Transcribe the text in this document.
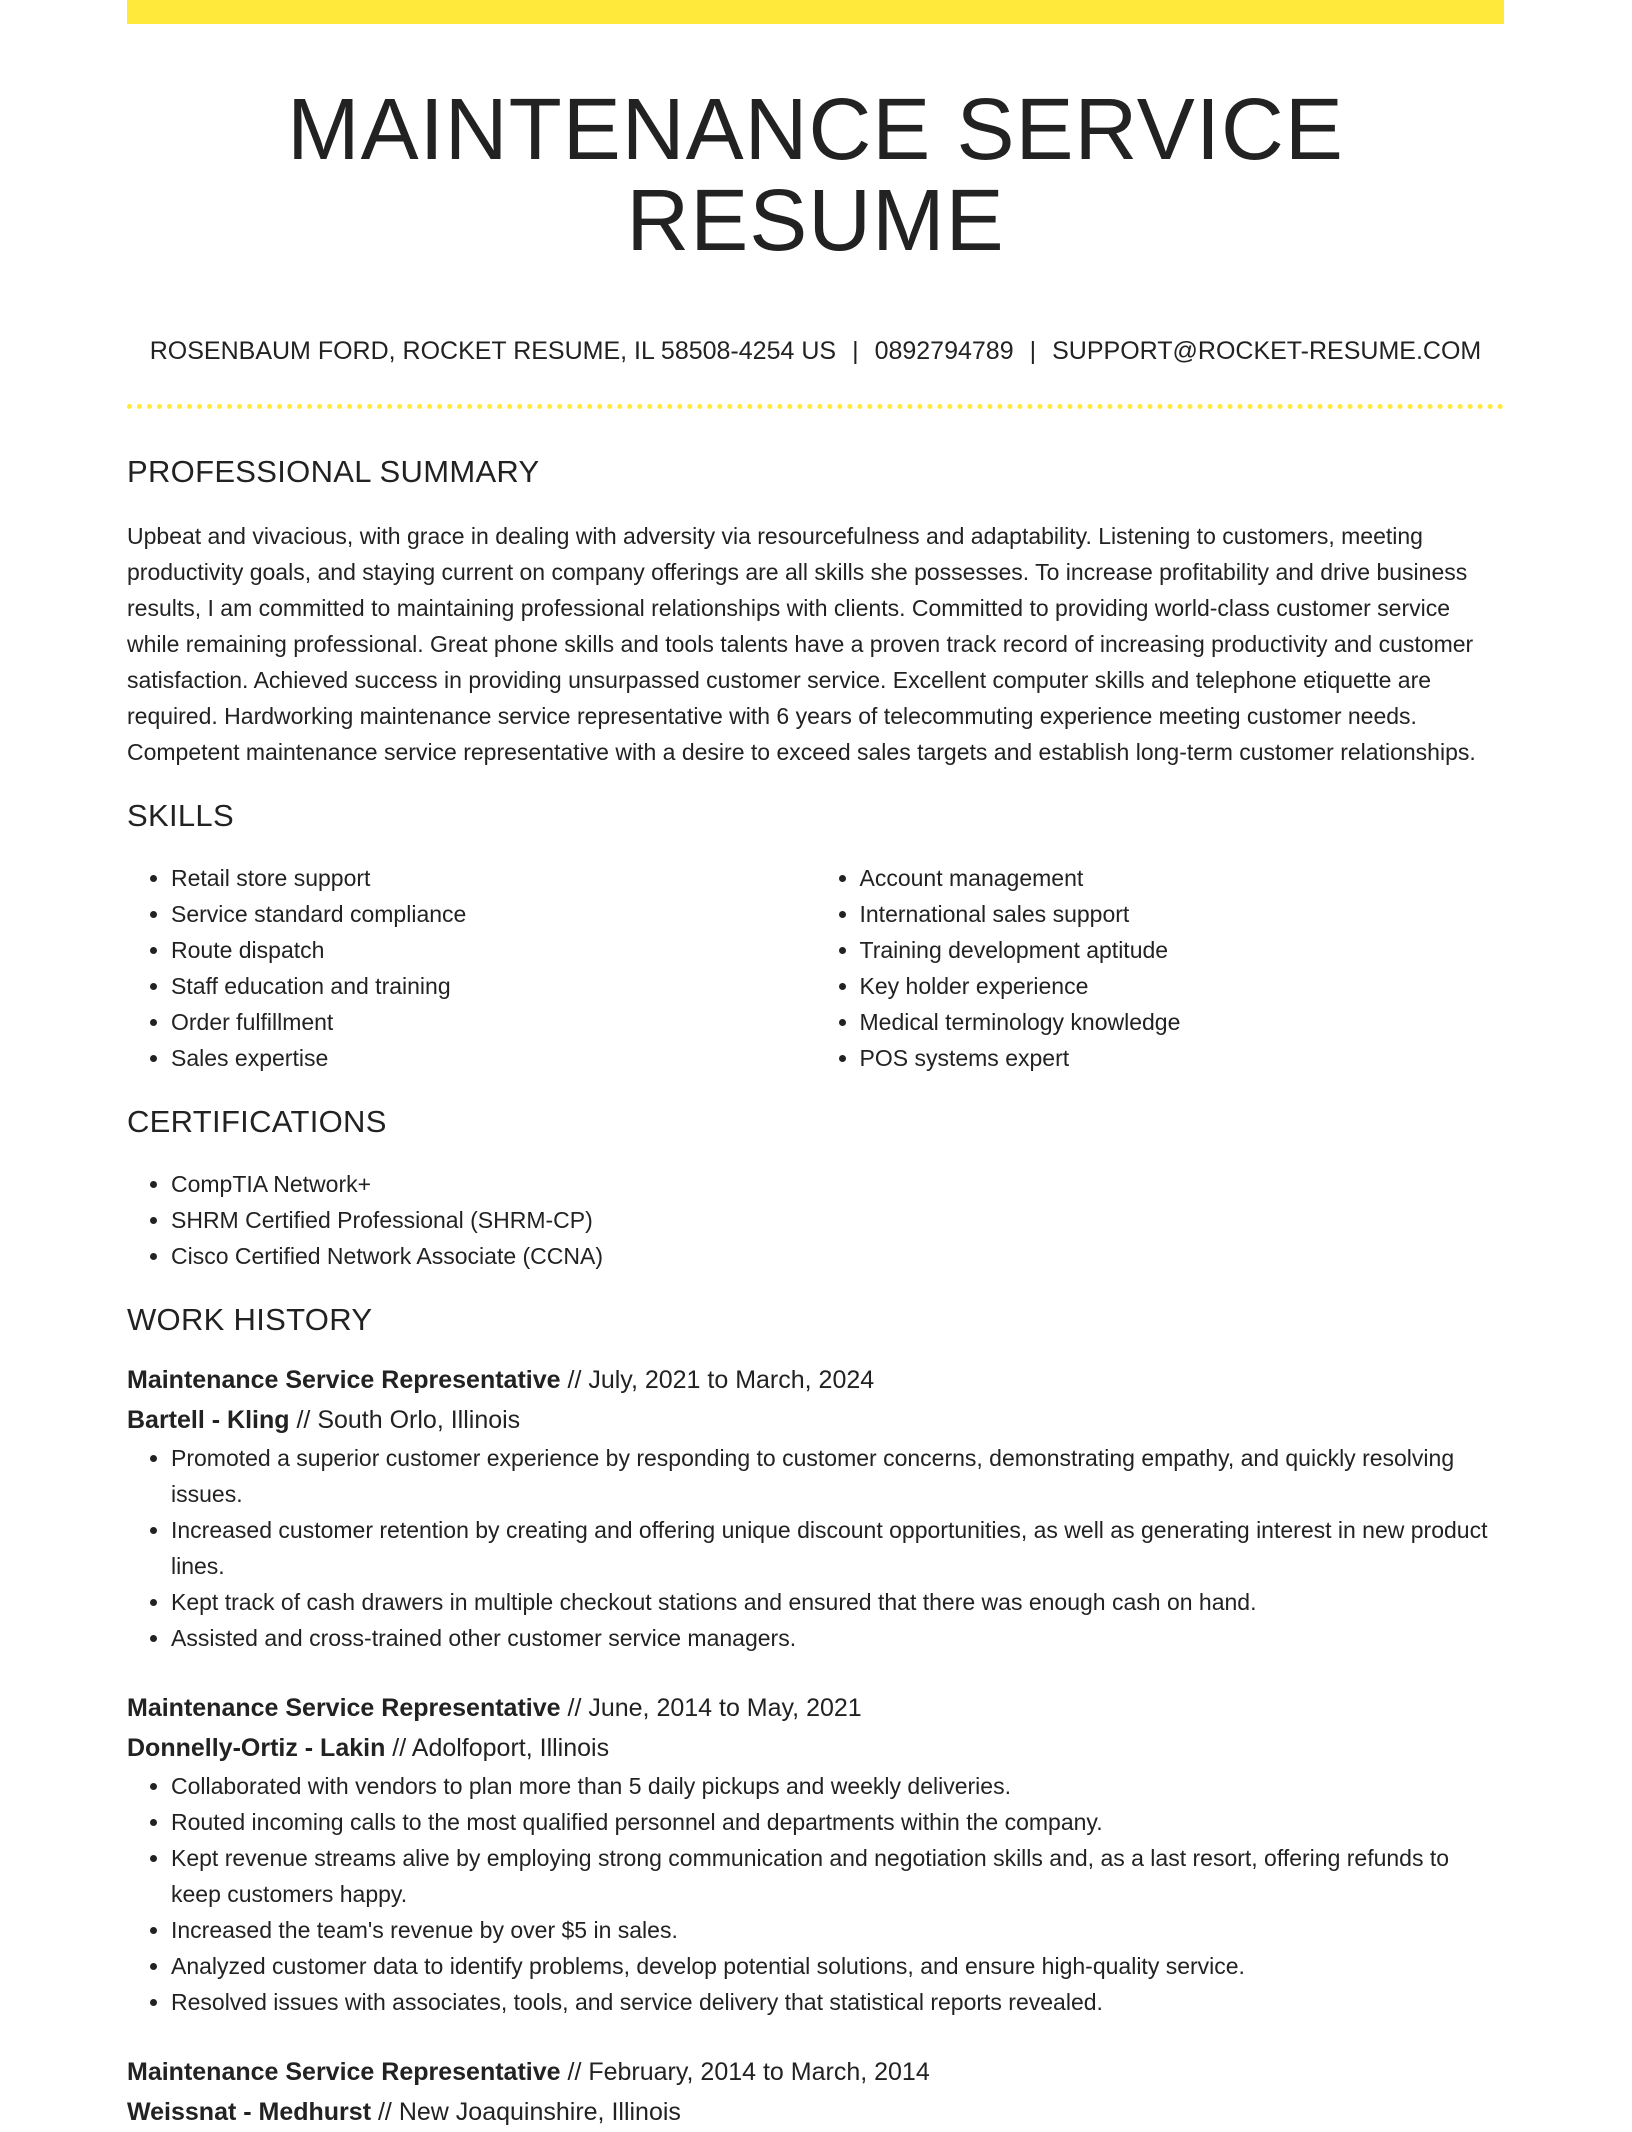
MAINTENANCE SERVICE RESUME
ROSENBAUM FORD, ROCKET RESUME, IL 58508-4254 US | 0892794789 | SUPPORT@ROCKET-RESUME.COM
PROFESSIONAL SUMMARY
Upbeat and vivacious, with grace in dealing with adversity via resourcefulness and adaptability. Listening to customers, meeting productivity goals, and staying current on company offerings are all skills she possesses. To increase profitability and drive business results, I am committed to maintaining professional relationships with clients. Committed to providing world-class customer service while remaining professional. Great phone skills and tools talents have a proven track record of increasing productivity and customer satisfaction. Achieved success in providing unsurpassed customer service. Excellent computer skills and telephone etiquette are required. Hardworking maintenance service representative with 6 years of telecommuting experience meeting customer needs. Competent maintenance service representative with a desire to exceed sales targets and establish long-term customer relationships.
SKILLS
• Retail store support
• Service standard compliance
• Route dispatch
• Staff education and training
• Order fulfillment
• Sales expertise
• Account management
• International sales support
• Training development aptitude
• Key holder experience
• Medical terminology knowledge
• POS systems expert
CERTIFICATIONS
• CompTIA Network+
• SHRM Certified Professional (SHRM-CP)
• Cisco Certified Network Associate (CCNA)
WORK HISTORY
Maintenance Service Representative // July, 2021 to March, 2024
Bartell - Kling // South Orlo, Illinois
• Promoted a superior customer experience by responding to customer concerns, demonstrating empathy, and quickly resolving issues.
• Increased customer retention by creating and offering unique discount opportunities, as well as generating interest in new product lines.
• Kept track of cash drawers in multiple checkout stations and ensured that there was enough cash on hand.
• Assisted and cross-trained other customer service managers.
Maintenance Service Representative // June, 2014 to May, 2021
Donnelly-Ortiz - Lakin // Adolfoport, Illinois
• Collaborated with vendors to plan more than 5 daily pickups and weekly deliveries.
• Routed incoming calls to the most qualified personnel and departments within the company.
• Kept revenue streams alive by employing strong communication and negotiation skills and, as a last resort, offering refunds to keep customers happy.
• Increased the team's revenue by over $5 in sales.
• Analyzed customer data to identify problems, develop potential solutions, and ensure high-quality service.
• Resolved issues with associates, tools, and service delivery that statistical reports revealed.
Maintenance Service Representative // February, 2014 to March, 2014
Weissnat - Medhurst // New Joaquinshire, Illinois
